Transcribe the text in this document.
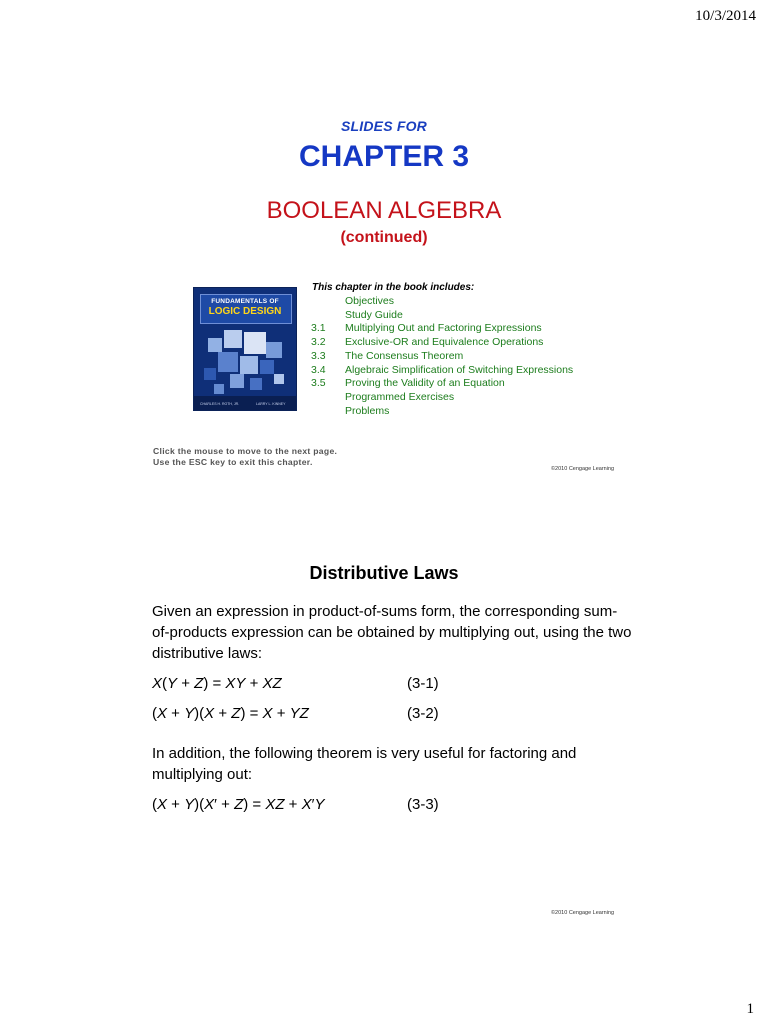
10/3/2014
SLIDES FOR
CHAPTER 3
BOOLEAN ALGEBRA
(continued)
FUNDAMENTALS OF
LOGIC DESIGN
CHARLES H. ROTH, JR.	LARRY L. KINNEY
This chapter in the book includes:
Objectives
Study Guide
3.1	Multiplying Out and Factoring Expressions
3.2	Exclusive-OR and Equivalence Operations
3.3	The Consensus Theorem
3.4	Algebraic Simplification of Switching Expressions
3.5	Proving the Validity of an Equation
Programmed Exercises
Problems
Click the mouse to move to the next page.
Use the ESC key to exit this chapter.
©2010 Cengage Learning
Distributive Laws
Given an expression in product-of-sums form, the corresponding sum-of-products expression can be obtained by multiplying out, using the two distributive laws:
X(Y + Z) = XY + XZ	(3-1)
(X + Y)(X + Z) = X + YZ	(3-2)
In addition, the following theorem is very useful for factoring and multiplying out:
(X + Y)(X′ + Z) = XZ + X′Y	(3-3)
©2010 Cengage Learning
1
